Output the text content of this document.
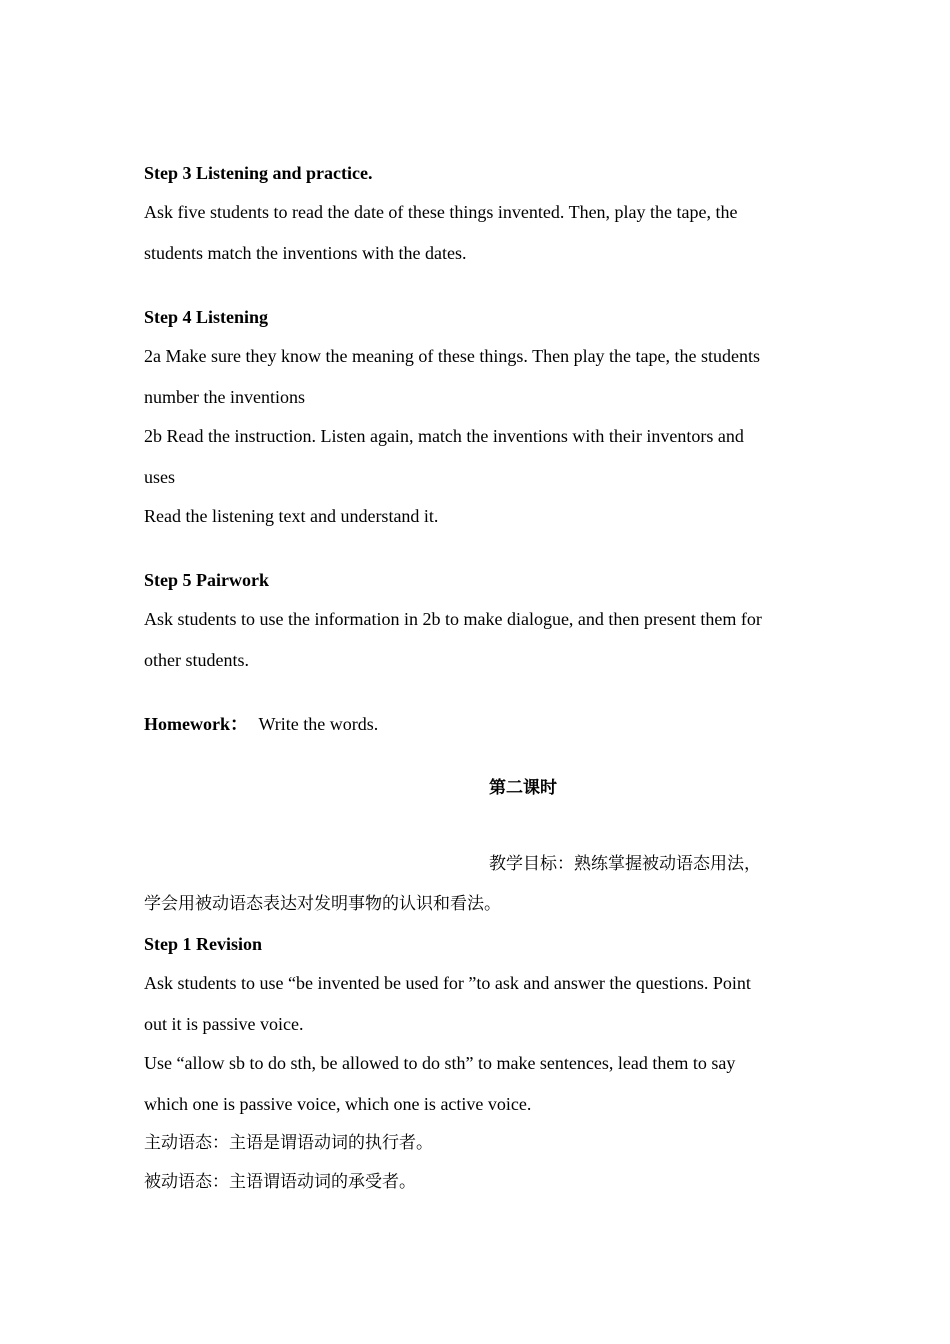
Step 3 Listening and practice.
Ask five students to read the date of these things invented. Then, play the tape, the
students match the inventions with the dates.
Step 4 Listening
2a Make sure they know the meaning of these things. Then play the tape, the students
number the inventions
2b Read the instruction. Listen again, match the inventions with their inventors and
uses
Read the listening text and understand it.
Step 5 Pairwork
Ask students to use the information in 2b to make dialogue, and then present them for
other students.
Homework： Write the words.
第二课时
教学目标：熟练掌握被动语态用法，
学会用被动语态表达对发明事物的认识和看法。
Step 1 Revision
Ask students to use “be invented be used for ”to ask and answer the questions. Point
out it is passive voice.
Use “allow sb to do sth, be allowed to do sth” to make sentences, lead them to say
which one is passive voice, which one is active voice.
主动语态：主语是谓语动词的执行者。
被动语态：主语谓语动词的承受者。
